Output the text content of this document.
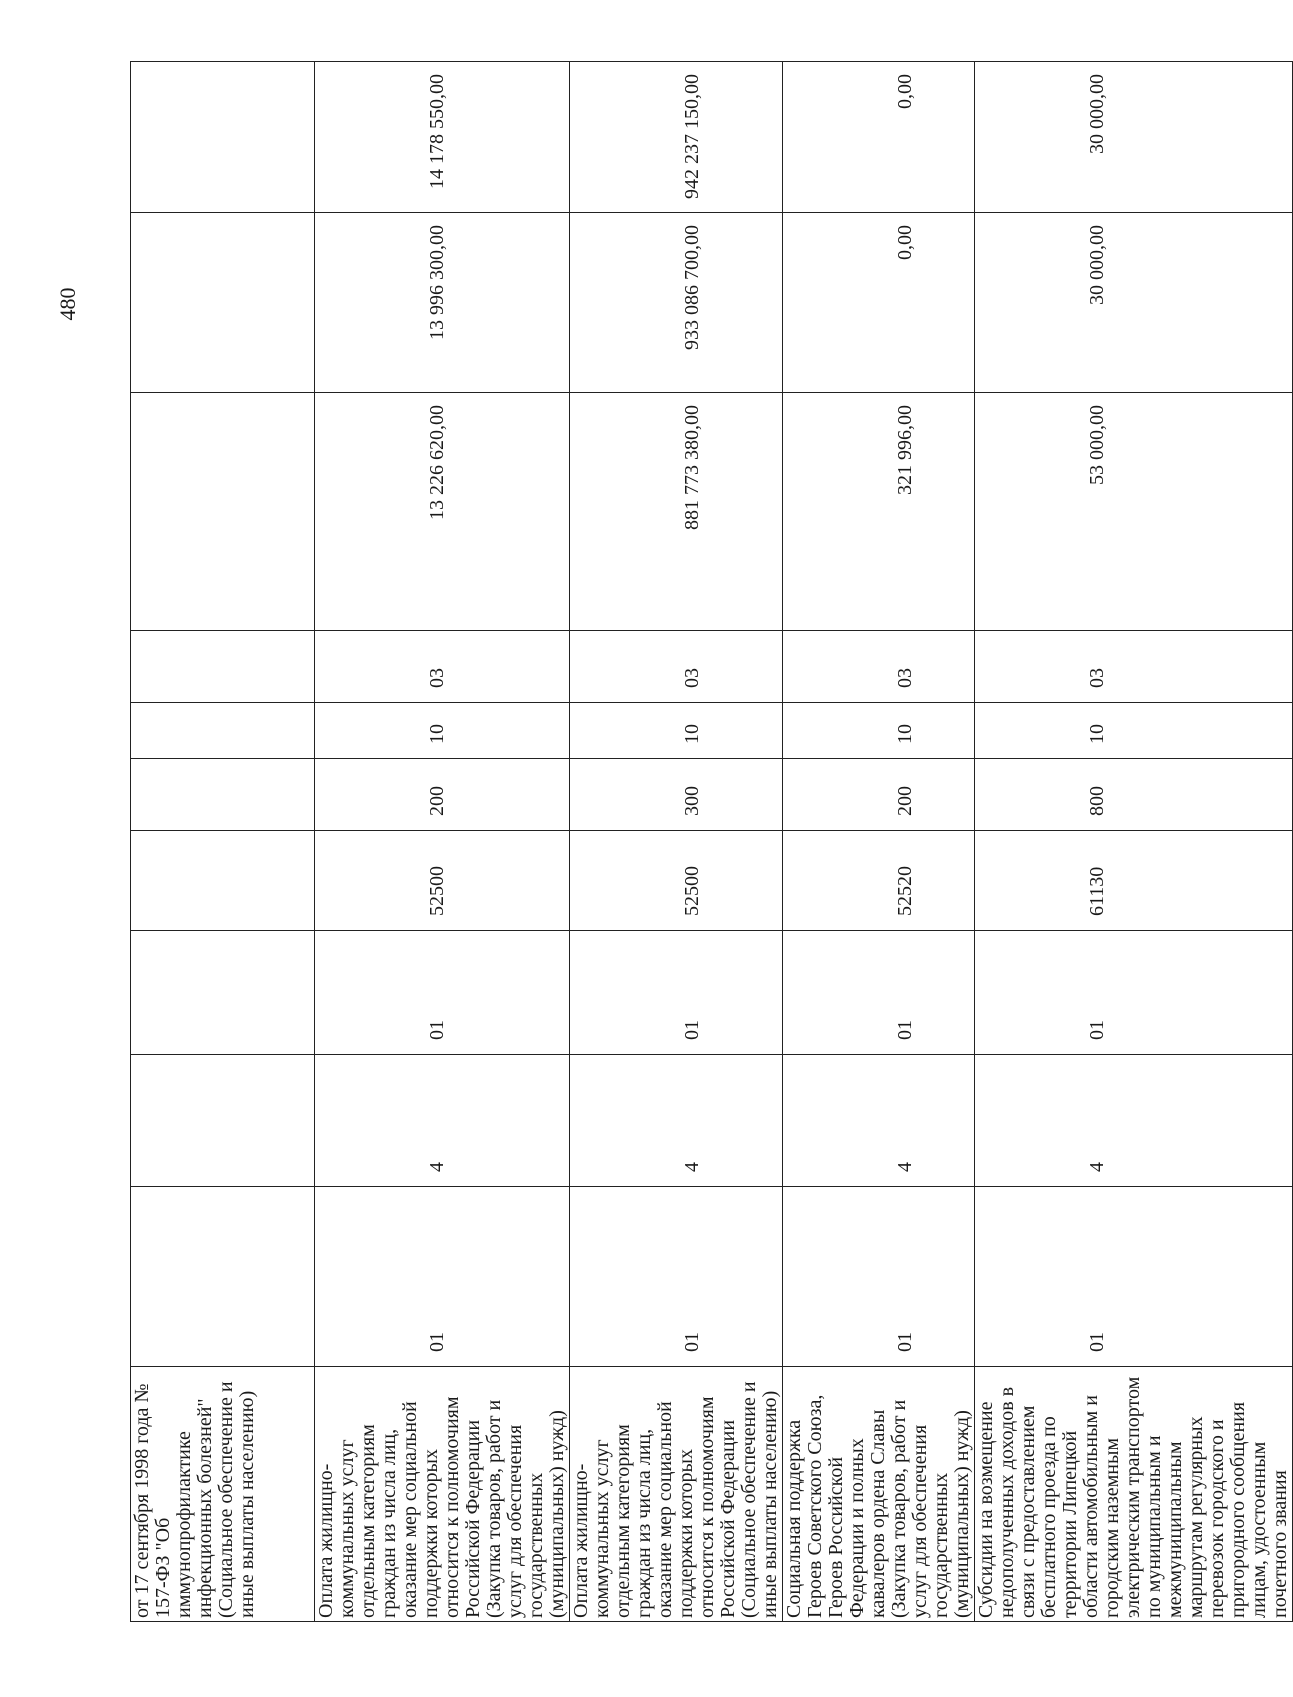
480
от 17 сентября 1998 года № 157-ФЗ "Об иммунопрофилактике инфекционных болезней" (Социальное обеспечение и иные выплаты населению)										
Оплата жилищно-коммунальных услуг отдельным категориям граждан из числа лиц, оказание мер социальной поддержки которых относится к полномочиям Российской Федерации (Закупка товаров, работ и услуг для обеспечения государственных (муниципальных) нужд)	01	4	01	52500	200	10	03	13 226 620,00	13 996 300,00	14 178 550,00
Оплата жилищно-коммунальных услуг отдельным категориям граждан из числа лиц, оказание мер социальной поддержки которых относится к полномочиям Российской Федерации (Социальное обеспечение и иные выплаты населению)	01	4	01	52500	300	10	03	881 773 380,00	933 086 700,00	942 237 150,00
Социальная поддержка Героев Советского Союза, Героев Российской Федерации и полных кавалеров ордена Славы (Закупка товаров, работ и услуг для обеспечения государственных (муниципальных) нужд)	01	4	01	52520	200	10	03	321 996,00	0,00	0,00
Субсидии на возмещение недополученных доходов в связи с предоставлением бесплатного проезда по территории Липецкой области автомобильным и городским наземным электрическим транспортом по муниципальным и межмуниципальным маршрутам регулярных перевозок городского и пригородного сообщения лицам, удостоенным почетного звания	01	4	01	61130	800	10	03	53 000,00	30 000,00	30 000,00
